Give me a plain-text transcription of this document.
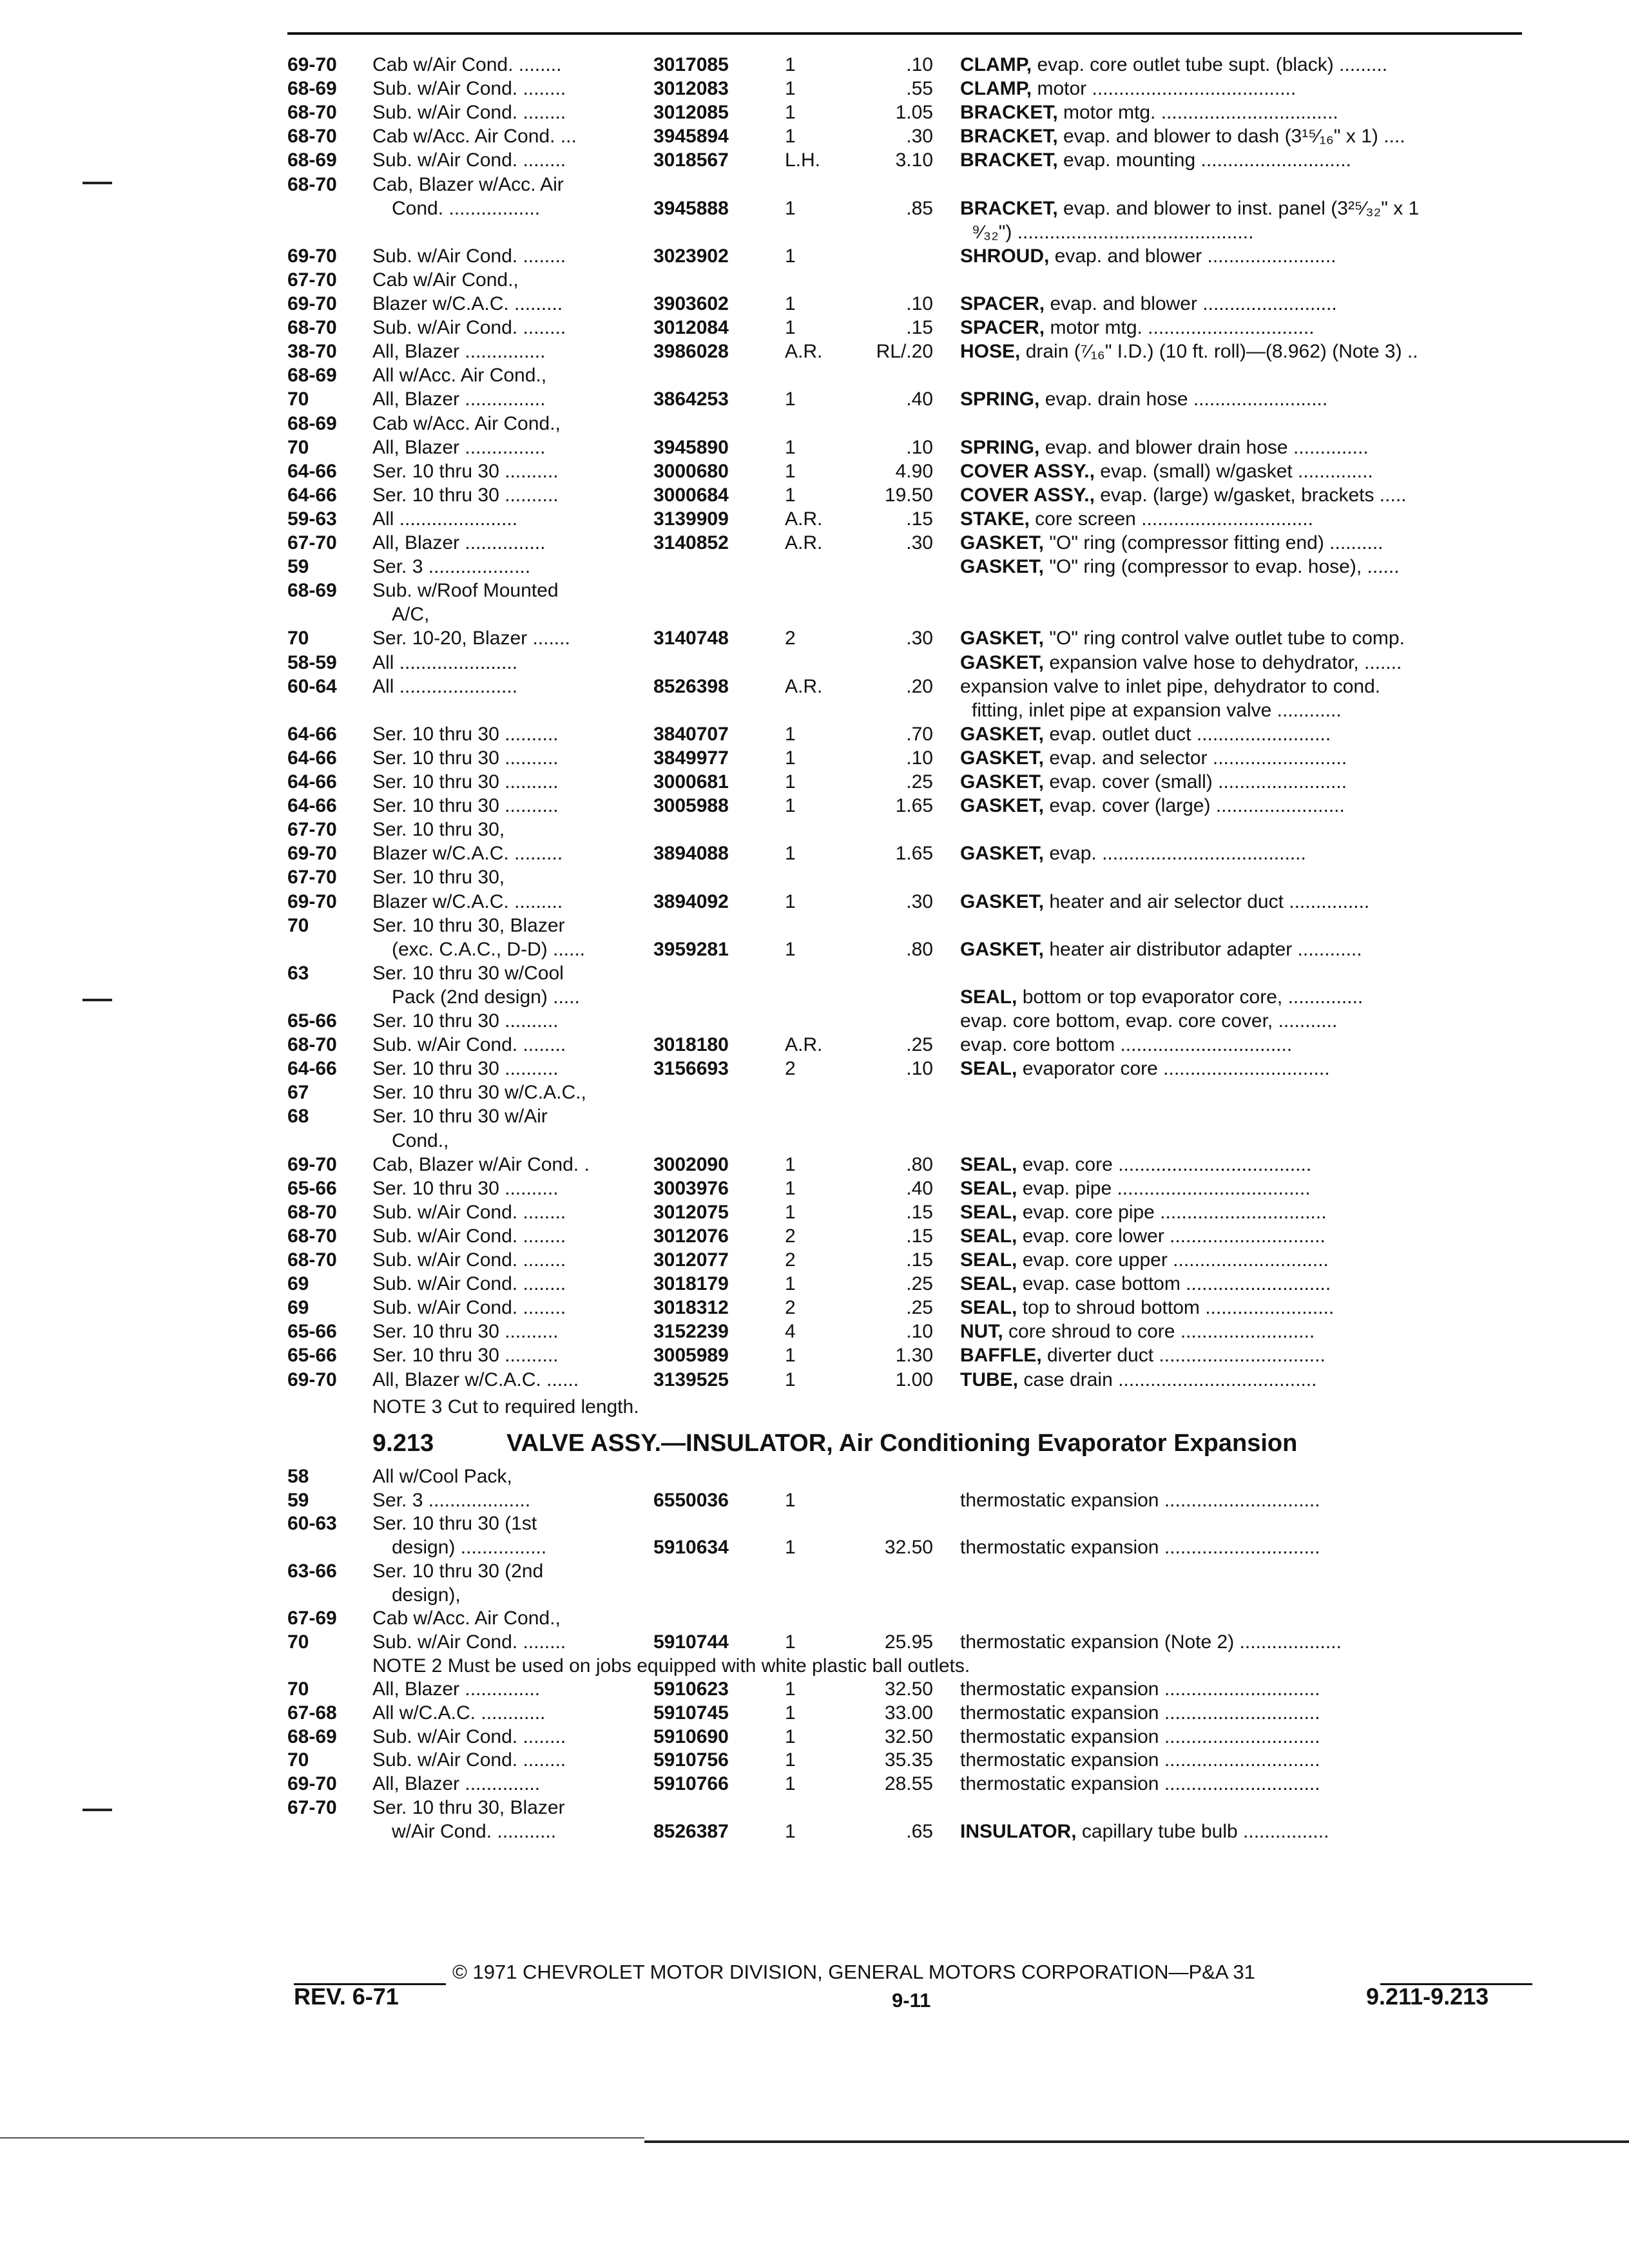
69-70 Cab w/Air Cond. ........	3017085	1	.10 CLAMP, evap. core outlet tube supt. (black) .........
68-69 Sub. w/Air Cond. ........	3012083	1	.55 CLAMP, motor ......................................
68-70 Sub. w/Air Cond. ........	3012085	1	1.05 BRACKET, motor mtg. .................................
68-70 Cab w/Acc. Air Cond. ...	3945894	1	.30 BRACKET, evap. and blower to dash (3¹⁵⁄₁₆" x 1) ....
68-69 Sub. w/Air Cond. ........	3018567	L.H.	3.10 BRACKET, evap. mounting ............................
68-70 Cab, Blazer w/Acc. Air
Cond. .................	3945888	1	.85 BRACKET, evap. and blower to inst. panel (3²⁵⁄₃₂" x 1
⁹⁄₃₂") ............................................
69-70 Sub. w/Air Cond. ........	3023902	1	SHROUD, evap. and blower ........................
67-70 Cab w/Air Cond.,
69-70 Blazer w/C.A.C. .........	3903602	1	.10 SPACER, evap. and blower .........................
68-70 Sub. w/Air Cond. ........	3012084	1	.15 SPACER, motor mtg. ...............................
38-70 All, Blazer ...............	3986028	A.R.	RL/.20 HOSE, drain (⁷⁄₁₆" I.D.) (10 ft. roll)—(8.962) (Note 3) ..
68-69 All w/Acc. Air Cond.,
70	All, Blazer ...............	3864253	1	.40 SPRING, evap. drain hose .........................
68-69 Cab w/Acc. Air Cond.,
70	All, Blazer ...............	3945890	1	.10 SPRING, evap. and blower drain hose ..............
64-66 Ser. 10 thru 30 ..........	3000680	1	4.90 COVER ASSY., evap. (small) w/gasket ..............
64-66 Ser. 10 thru 30 ..........	3000684	1	19.50 COVER ASSY., evap. (large) w/gasket, brackets .....
59-63 All ......................	3139909	A.R.	.15 STAKE, core screen ................................
67-70 All, Blazer ...............	3140852	A.R.	.30 GASKET, "O" ring (compressor fitting end) ..........
59	Ser. 3 ...................	GASKET, "O" ring (compressor to evap. hose), ......
68-69 Sub. w/Roof Mounted
A/C,
70	Ser. 10-20, Blazer .......	3140748	2	.30 GASKET, "O" ring control valve outlet tube to comp.
58-59 All ......................	GASKET, expansion valve hose to dehydrator, .......
60-64 All ......................	8526398	A.R.	.20 expansion valve to inlet pipe, dehydrator to cond.
fitting, inlet pipe at expansion valve ............
64-66 Ser. 10 thru 30 ..........	3840707	1	.70 GASKET, evap. outlet duct .........................
64-66 Ser. 10 thru 30 ..........	3849977	1	.10 GASKET, evap. and selector .........................
64-66 Ser. 10 thru 30 ..........	3000681	1	.25 GASKET, evap. cover (small) ........................
64-66 Ser. 10 thru 30 ..........	3005988	1	1.65 GASKET, evap. cover (large) ........................
67-70 Ser. 10 thru 30,
69-70 Blazer w/C.A.C. .........	3894088	1	1.65 GASKET, evap. ......................................
67-70 Ser. 10 thru 30,
69-70 Blazer w/C.A.C. .........	3894092	1	.30 GASKET, heater and air selector duct ...............
70	Ser. 10 thru 30, Blazer
(exc. C.A.C., D-D) ......	3959281	1	.80 GASKET, heater air distributor adapter ............
63	Ser. 10 thru 30 w/Cool
Pack (2nd design) .....	SEAL, bottom or top evaporator core, ..............
65-66 Ser. 10 thru 30 ..........	evap. core bottom, evap. core cover, ...........
68-70 Sub. w/Air Cond. ........	3018180	A.R.	.25 evap. core bottom ................................
64-66 Ser. 10 thru 30 ..........	3156693	2	.10 SEAL, evaporator core ...............................
67	Ser. 10 thru 30 w/C.A.C.,
68	Ser. 10 thru 30 w/Air
Cond.,
69-70 Cab, Blazer w/Air Cond. .	3002090	1	.80 SEAL, evap. core ....................................
65-66 Ser. 10 thru 30 ..........	3003976	1	.40 SEAL, evap. pipe ....................................
68-70 Sub. w/Air Cond. ........	3012075	1	.15 SEAL, evap. core pipe ...............................
68-70 Sub. w/Air Cond. ........	3012076	2	.15 SEAL, evap. core lower .............................
68-70 Sub. w/Air Cond. ........	3012077	2	.15 SEAL, evap. core upper .............................
69	Sub. w/Air Cond. ........	3018179	1	.25 SEAL, evap. case bottom ...........................
69	Sub. w/Air Cond. ........	3018312	2	.25 SEAL, top to shroud bottom ........................
65-66 Ser. 10 thru 30 ..........	3152239	4	.10 NUT, core shroud to core .........................
65-66 Ser. 10 thru 30 ..........	3005989	1	1.30 BAFFLE, diverter duct ...............................
69-70 All, Blazer w/C.A.C. ......	3139525	1	1.00 TUBE, case drain .....................................
NOTE 3 Cut to required length.
9.213	VALVE ASSY.—INSULATOR, Air Conditioning Evaporator Expansion
58	All w/Cool Pack,
59	Ser. 3 ...................	6550036	1	thermostatic expansion .............................
60-63 Ser. 10 thru 30 (1st
design) ................	5910634	1	32.50 thermostatic expansion .............................
63-66 Ser. 10 thru 30 (2nd
design),
67-69 Cab w/Acc. Air Cond.,
70	Sub. w/Air Cond. ........	5910744	1	25.95 thermostatic expansion (Note 2) ...................
NOTE 2 Must be used on jobs equipped with white plastic ball outlets.
70	All, Blazer ..............	5910623	1	32.50 thermostatic expansion .............................
67-68 All w/C.A.C. ............	5910745	1	33.00 thermostatic expansion .............................
68-69 Sub. w/Air Cond. ........	5910690	1	32.50 thermostatic expansion .............................
70	Sub. w/Air Cond. ........	5910756	1	35.35 thermostatic expansion .............................
69-70 All, Blazer ..............	5910766	1	28.55 thermostatic expansion .............................
67-70 Ser. 10 thru 30, Blazer
w/Air Cond. ...........	8526387	1	.65 INSULATOR, capillary tube bulb ................
© 1971 CHEVROLET MOTOR DIVISION, GENERAL MOTORS CORPORATION—P&A 31
REV. 6-71	9-11	9.211-9.213
